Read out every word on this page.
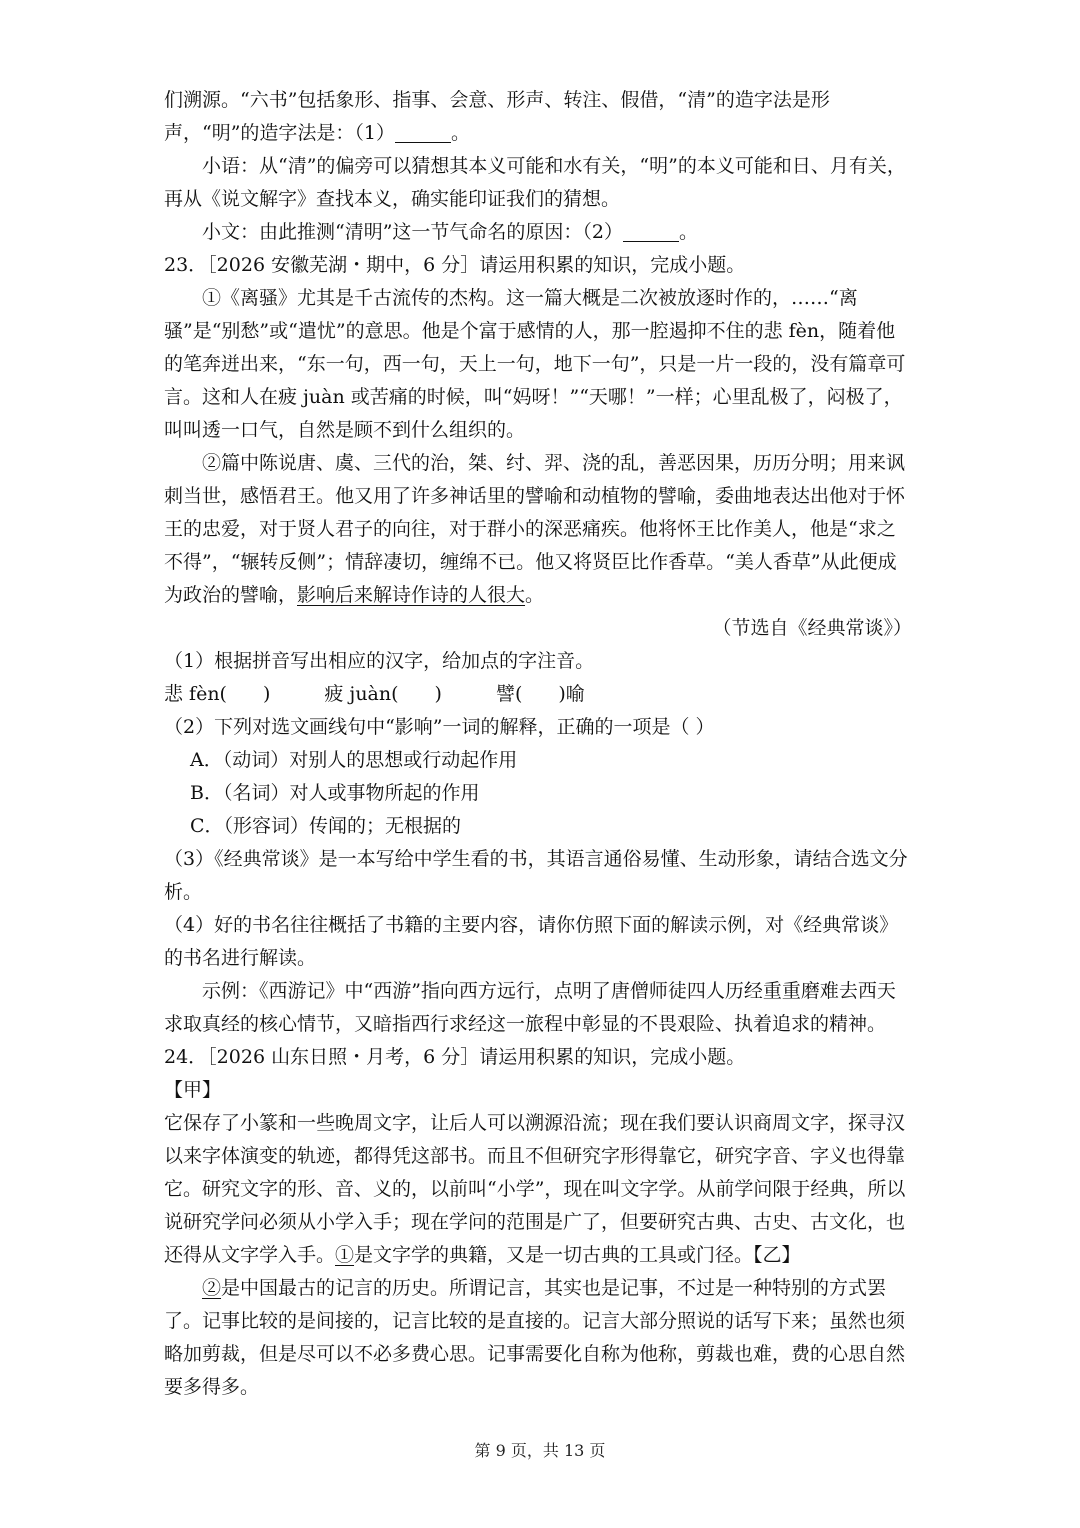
们溯源。“六书”包括象形、指事、会意、形声、转注、假借，“清”的造字法是形声，“明”的造字法是：（1）	。

小语：从“清”的偏旁可以猜想其本义可能和水有关，“明”的本义可能和日、月有关，再从《说文解字》查找本义，确实能印证我们的猜想。

小文：由此推测“清明”这一节气命名的原因：（2）	。

23．［2026 安徽芜湖・期中，6 分］请运用积累的知识，完成小题。

①《离骚》尤其是千古流传的杰构。这一篇大概是二次被放逐时作的，……“离骚”是“别愁”或“遣忧”的意思。他是个富于感情的人，那一腔遏抑不住的悲 fèn，随着他的笔奔迸出来，“东一句，西一句，天上一句，地下一句”，只是一片一段的，没有篇章可言。这和人在疲 juàn 或苦痛的时候，叫“妈呀！”“天哪！”一样；心里乱极了，闷极了，叫叫透一口气，自然是顾不到什么组织的。

②篇中陈说唐、虞、三代的治，桀、纣、羿、浇的乱，善恶因果，历历分明；用来讽刺当世，感悟君王。他又用了许多神话里的譬喻和动植物的譬喻，委曲地表达出他对于怀王的忠爱，对于贤人君子的向往，对于群小的深恶痛疾。他将怀王比作美人，他是“求之不得”，“辗转反侧”；情辞凄切，缠绵不已。他又将贤臣比作香草。“美人香草”从此便成为政治的譬喻，影响后来解诗作诗的人很大。

（节选自《经典常谈》）

（1）根据拼音写出相应的汉字，给加点的字注音。

悲 fèn( )	疲 juàn( )	譬( )喻

（2）下列对选文画线句中“影响”一词的解释，正确的一项是（ ）

A．（动词）对别人的思想或行动起作用

B．（名词）对人或事物所起的作用

C．（形容词）传闻的；无根据的

（3）《经典常谈》是一本写给中学生看的书，其语言通俗易懂、生动形象，请结合选文分析。

（4）好的书名往往概括了书籍的主要内容，请你仿照下面的解读示例，对《经典常谈》的书名进行解读。

示例：《西游记》中“西游”指向西方远行，点明了唐僧师徒四人历经重重磨难去西天求取真经的核心情节，又暗指西行求经这一旅程中彰显的不畏艰险、执着追求的精神。

24．［2026 山东日照・月考，6 分］请运用积累的知识，完成小题。

【甲】

它保存了小篆和一些晚周文字，让后人可以溯源沿流；现在我们要认识商周文字，探寻汉以来字体演变的轨迹，都得凭这部书。而且不但研究字形得靠它，研究字音、字义也得靠它。研究文字的形、音、义的，以前叫“小学”，现在叫文字学。从前学问限于经典，所以说研究学问必须从小学入手；现在学问的范围是广了，但要研究古典、古史、古文化，也还得从文字学入手。①是文字学的典籍，又是一切古典的工具或门径。【乙】

②是中国最古的记言的历史。所谓记言，其实也是记事，不过是一种特别的方式罢了。记事比较的是间接的，记言比较的是直接的。记言大部分照说的话写下来；虽然也须略加剪裁，但是尽可以不必多费心思。记事需要化自称为他称，剪裁也难，费的心思自然要多得多。

第 9 页，共 13 页
